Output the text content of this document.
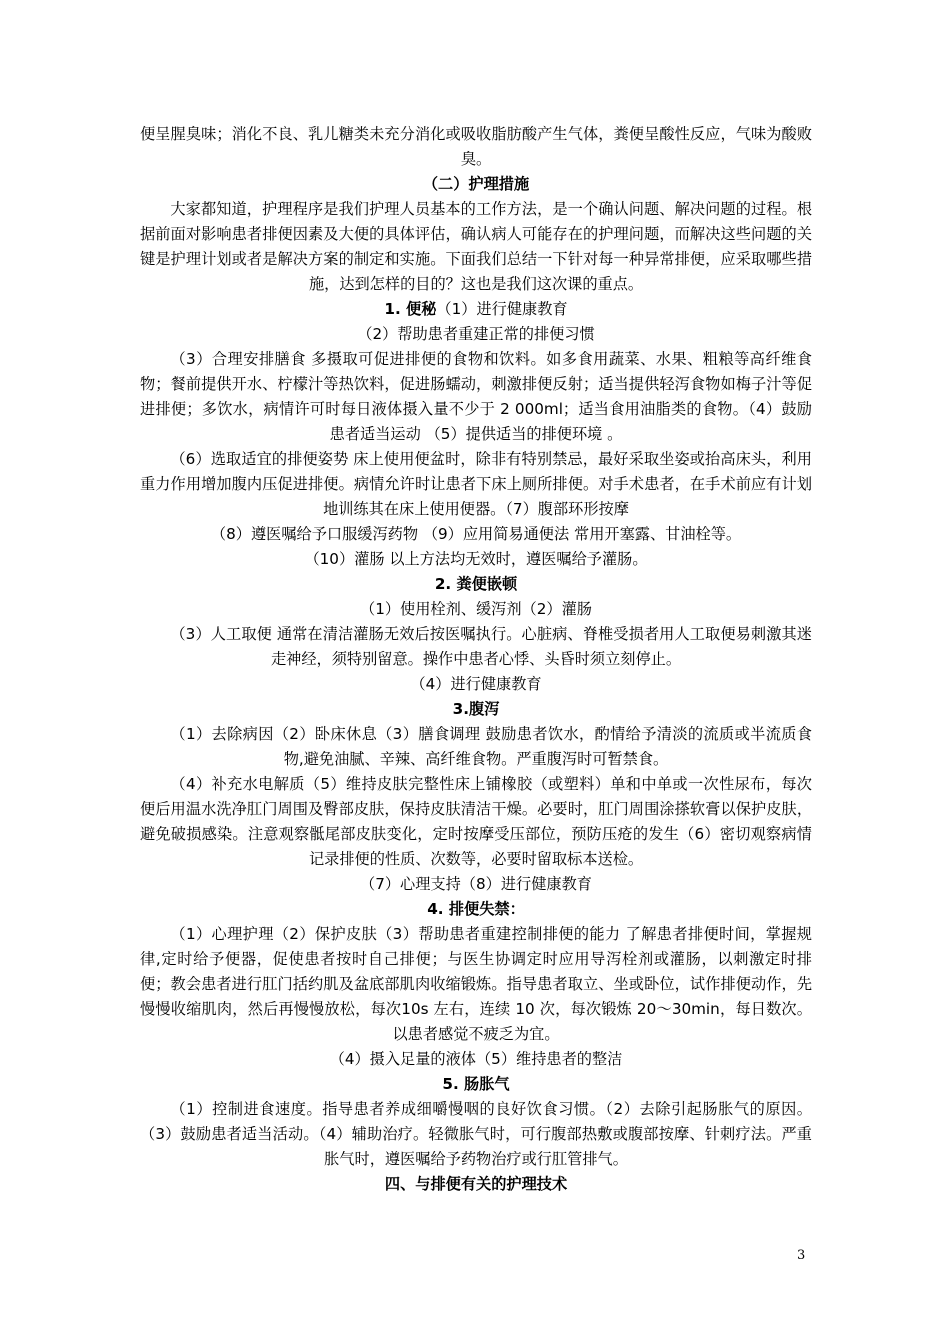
便呈腥臭味；消化不良、乳儿糖类未充分消化或吸收脂肪酸产生气体，粪便呈酸性反应，气味为酸败臭。

（二）护理措施

大家都知道，护理程序是我们护理人员基本的工作方法，是一个确认问题、解决问题的过程。根据前面对影响患者排便因素及大便的具体评估，确认病人可能存在的护理问题，而解决这些问题的关键是护理计划或者是解决方案的制定和实施。下面我们总结一下针对每一种异常排便，应采取哪些措施，达到怎样的目的？这也是我们这次课的重点。

1. 便秘（1）进行健康教育

（2）帮助患者重建正常的排便习惯

（3）合理安排膳食 多摄取可促进排便的食物和饮料。如多食用蔬菜、水果、粗粮等高纤维食物；餐前提供开水、柠檬汁等热饮料，促进肠蠕动，刺激排便反射；适当提供轻泻食物如梅子汁等促进排便；多饮水，病情许可时每日液体摄入量不少于 2 000ml；适当食用油脂类的食物。（4）鼓励患者适当运动 （5）提供适当的排便环境 。

（6）选取适宜的排便姿势 床上使用便盆时，除非有特别禁忌，最好采取坐姿或抬高床头，利用重力作用增加腹内压促进排便。病情允许时让患者下床上厕所排便。对手术患者，在手术前应有计划地训练其在床上使用便器。（7）腹部环形按摩

（8）遵医嘱给予口服缓泻药物 （9）应用简易通便法 常用开塞露、甘油栓等。

（10）灌肠 以上方法均无效时，遵医嘱给予灌肠。

2. 粪便嵌顿

（1）使用栓剂、缓泻剂（2）灌肠

（3）人工取便 通常在清洁灌肠无效后按医嘱执行。心脏病、脊椎受损者用人工取便易刺激其迷走神经，须特别留意。操作中患者心悸、头昏时须立刻停止。

（4）进行健康教育

3.腹泻

（1）去除病因（2）卧床休息（3）膳食调理 鼓励患者饮水，酌情给予清淡的流质或半流质食物,避免油腻、辛辣、高纤维食物。严重腹泻时可暂禁食。

（4）补充水电解质（5）维持皮肤完整性床上铺橡胶（或塑料）单和中单或一次性尿布，每次便后用温水洗净肛门周围及臀部皮肤，保持皮肤清洁干燥。必要时，肛门周围涂搽软膏以保护皮肤，避免破损感染。注意观察骶尾部皮肤变化，定时按摩受压部位，预防压疮的发生（6）密切观察病情 记录排便的性质、次数等，必要时留取标本送检。

（7）心理支持（8）进行健康教育

4. 排便失禁：

（1）心理护理（2）保护皮肤（3）帮助患者重建控制排便的能力 了解患者排便时间，掌握规律,定时给予便器，促使患者按时自己排便；与医生协调定时应用导泻栓剂或灌肠，以刺激定时排便；教会患者进行肛门括约肌及盆底部肌肉收缩锻炼。指导患者取立、坐或卧位，试作排便动作，先慢慢收缩肌肉，然后再慢慢放松，每次10s 左右，连续 10 次，每次锻炼 20～30min，每日数次。以患者感觉不疲乏为宜。

（4）摄入足量的液体（5）维持患者的整洁

5. 肠胀气

（1）控制进食速度。指导患者养成细嚼慢咽的良好饮食习惯。（2）去除引起肠胀气的原因。（3）鼓励患者适当活动。（4）辅助治疗。轻微胀气时，可行腹部热敷或腹部按摩、针刺疗法。严重胀气时，遵医嘱给予药物治疗或行肛管排气。

四、与排便有关的护理技术

3
